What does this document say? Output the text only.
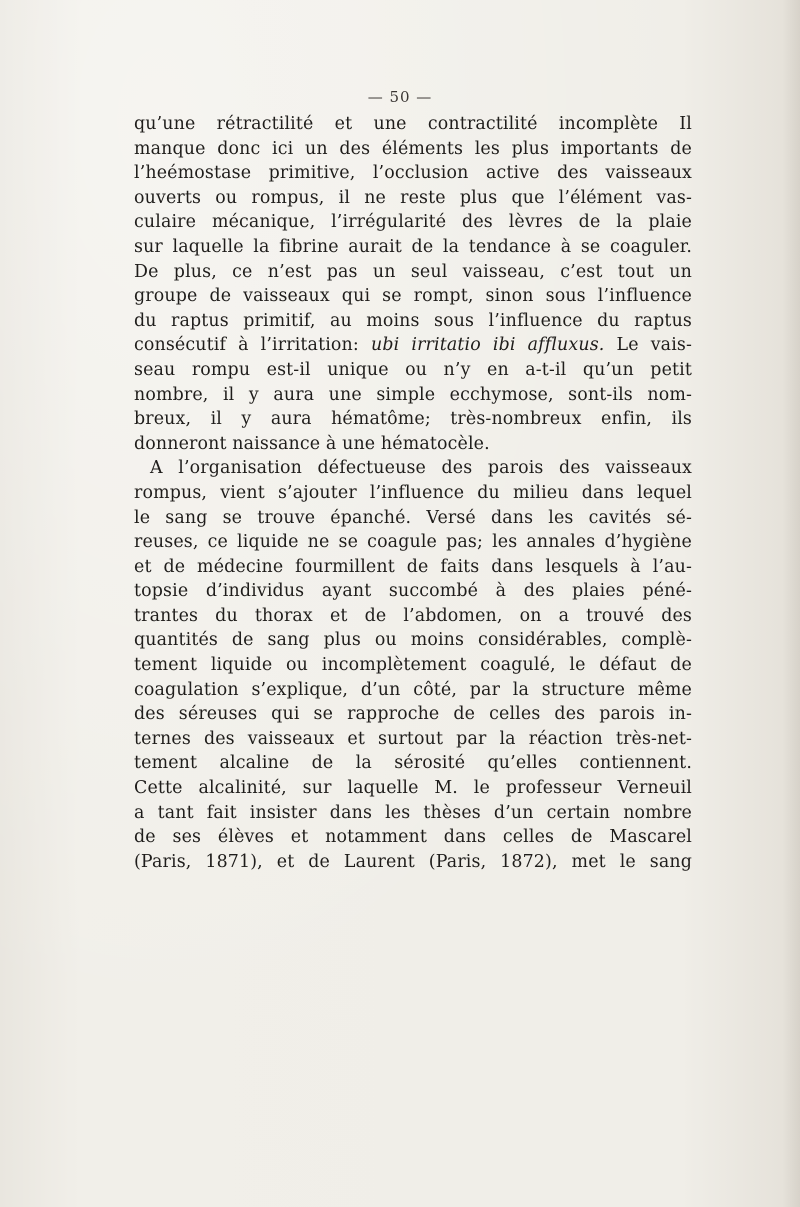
— 50 —
qu’une rétractilité et une contractilité incomplète Il
manque donc ici un des éléments les plus importants de
l’heémostase primitive, l’occlusion active des vaisseaux
ouverts ou rompus, il ne reste plus que l’élément vas-
culaire mécanique, l’irrégularité des lèvres de la plaie
sur laquelle la fibrine aurait de la tendance à se coaguler.
De plus, ce n’est pas un seul vaisseau, c’est tout un
groupe de vaisseaux qui se rompt, sinon sous l’influence
du raptus primitif, au moins sous l’influence du raptus
consécutif à l’irritation: ubi irritatio ibi affluxus. Le vais-
seau rompu est-il unique ou n’y en a-t-il qu’un petit
nombre, il y aura une simple ecchymose, sont-ils nom-
breux, il y aura hématôme; très-nombreux enfin, ils
donneront naissance à une hématocèle.
A l’organisation défectueuse des parois des vaisseaux
rompus, vient s’ajouter l’influence du milieu dans lequel
le sang se trouve épanché. Versé dans les cavités sé-
reuses, ce liquide ne se coagule pas; les annales d’hygiène
et de médecine fourmillent de faits dans lesquels à l’au-
topsie d’individus ayant succombé à des plaies péné-
trantes du thorax et de l’abdomen, on a trouvé des
quantités de sang plus ou moins considérables, complè-
tement liquide ou incomplètement coagulé, le défaut de
coagulation s’explique, d’un côté, par la structure même
des séreuses qui se rapproche de celles des parois in-
ternes des vaisseaux et surtout par la réaction très-net-
tement alcaline de la sérosité qu’elles contiennent.
Cette alcalinité, sur laquelle M. le professeur Verneuil
a tant fait insister dans les thèses d’un certain nombre
de ses élèves et notamment dans celles de Mascarel
(Paris, 1871), et de Laurent (Paris, 1872), met le sang
